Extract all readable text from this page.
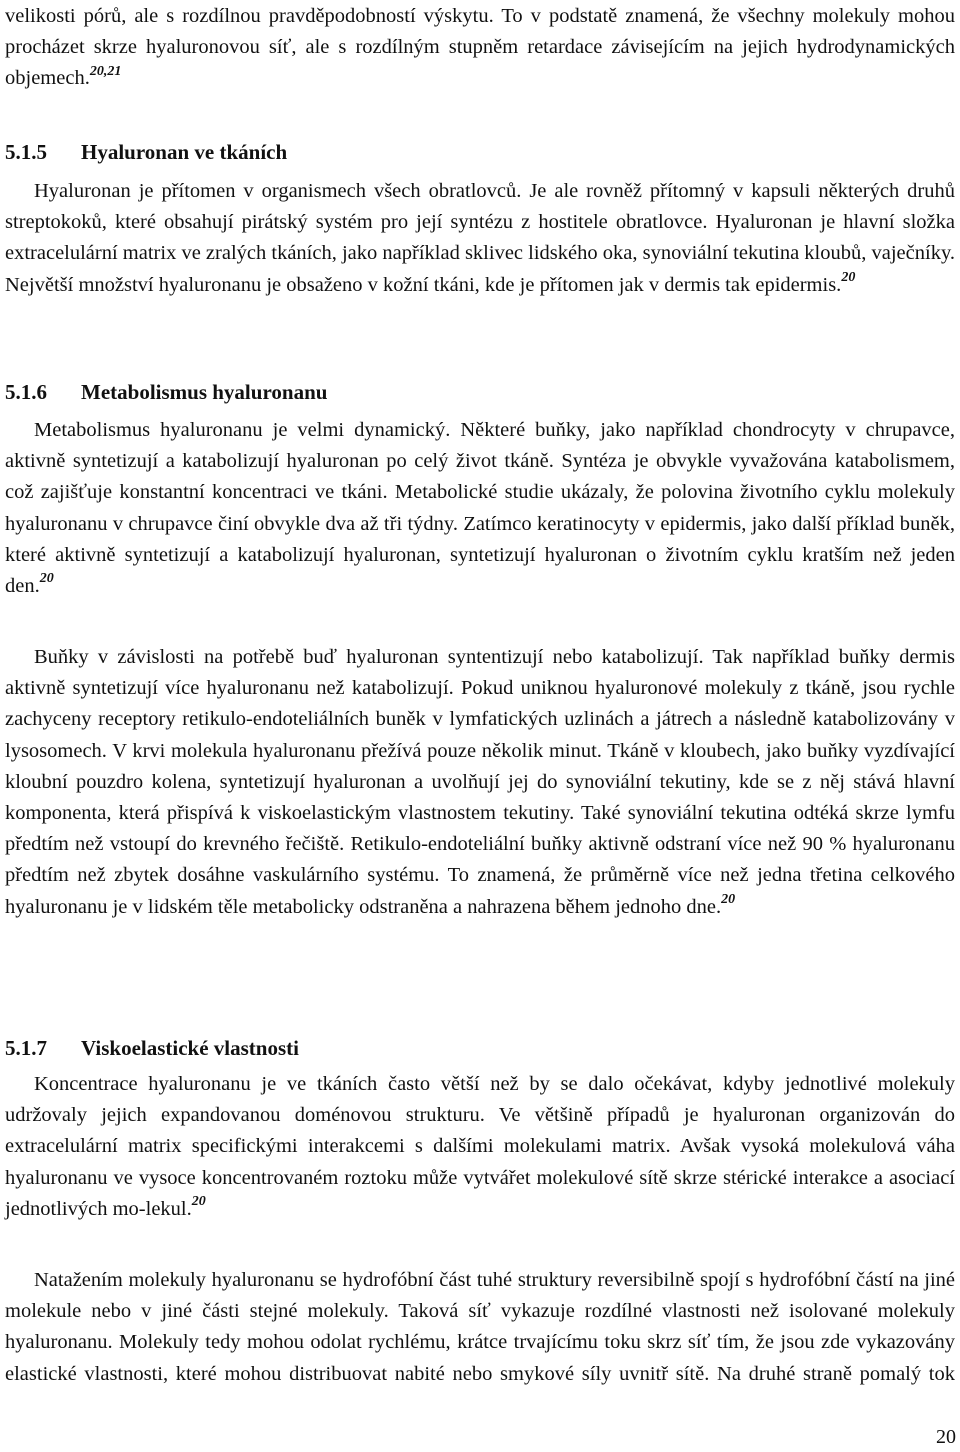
velikosti pórů, ale s rozdílnou pravděpodobností výskytu. To v podstatě znamená, že všechny molekuly mohou procházet skrze hyaluronovou síť, ale s rozdílným stupněm retardace závisejícím na jejich hydrodynamických objemech.$^{20,21}$

5.1.5 Hyaluronan ve tkáních

Hyaluronan je přítomen v organismech všech obratlovců. Je ale rovněž přítomný v kapsuli některých druhů streptokoků, které obsahují pirátský systém pro její syntézu z hostitele obratlovce. Hyaluronan je hlavní složka extracelulární matrix ve zralých tkáních, jako například sklivec lidského oka, synoviální tekutina kloubů, vaječníky. Největší množství hyaluronanu je obsaženo v kožní tkáni, kde je přítomen jak v dermis tak epidermis.$^{20}$

5.1.6 Metabolismus hyaluronanu

Metabolismus hyaluronanu je velmi dynamický. Některé buňky, jako například chondrocyty v chrupavce, aktivně syntetizují a katabolizují hyaluronan po celý život tkáně. Syntéza je obvykle vyvažována katabolismem, což zajišťuje konstantní koncentraci ve tkáni. Metabolické studie ukázaly, že polovina životního cyklu molekuly hyaluronanu v chrupavce činí obvykle dva až tři týdny. Zatímco keratinocyty v epidermis, jako další příklad buněk, které aktivně syntetizují a katabolizují hyaluronan, syntetizují hyaluronan o životním cyklu kratším než jeden den.$^{20}$

Buňky v závislosti na potřebě buď hyaluronan syntentizují nebo katabolizují. Tak například buňky dermis aktivně syntetizují více hyaluronanu než katabolizují. Pokud uniknou hyaluronové molekuly z tkáně, jsou rychle zachyceny receptory retikulo-endoteliálních buněk v lymfatických uzlinách a játrech a následně katabolizovány v lysosomech. V krvi molekula hyaluronanu přežívá pouze několik minut. Tkáně v kloubech, jako buňky vyzdívající kloubní pouzdro kolena, syntetizují hyaluronan a uvolňují jej do synoviální tekutiny, kde se z něj stává hlavní komponenta, která přispívá k viskoelastickým vlastnostem tekutiny. Také synoviální tekutina odtéká skrze lymfu předtím než vstoupí do krevného řečiště. Retikulo-endoteliální buňky aktivně odstraní více než 90 % hyaluronanu předtím než zbytek dosáhne vaskulárního systému. To znamená, že průměrně více než jedna třetina celkového hyaluronanu je v lidském těle metabolicky odstraněna a nahrazena během jednoho dne.$^{20}$

5.1.7 Viskoelastické vlastnosti

Koncentrace hyaluronanu je ve tkáních často větší než by se dalo očekávat, kdyby jednotlivé molekuly udržovaly jejich expandovanou doménovou strukturu. Ve většině případů je hyaluronan organizován do extracelulární matrix specifickými interakcemi s dalšími molekulami matrix. Avšak vysoká molekulová váha hyaluronanu ve vysoce koncentrovaném roztoku může vytvářet molekulové sítě skrze stérické interakce a asociací jednotlivých mo-lekul.$^{20}$

Natažením molekuly hyaluronanu se hydrofóbní část tuhé struktury reversibilně spojí s hydrofóbní částí na jiné molekule nebo v jiné části stejné molekuly. Taková síť vykazuje rozdílné vlastnosti než isolované molekuly hyaluronanu. Molekuly tedy mohou odolat rychlému, krátce trvajícímu toku skrz síť tím, že jsou zde vykazovány elastické vlastnosti, které mohou distribuovat nabité nebo smykové síly uvnitř sítě. Na druhé straně pomalý tok

20
